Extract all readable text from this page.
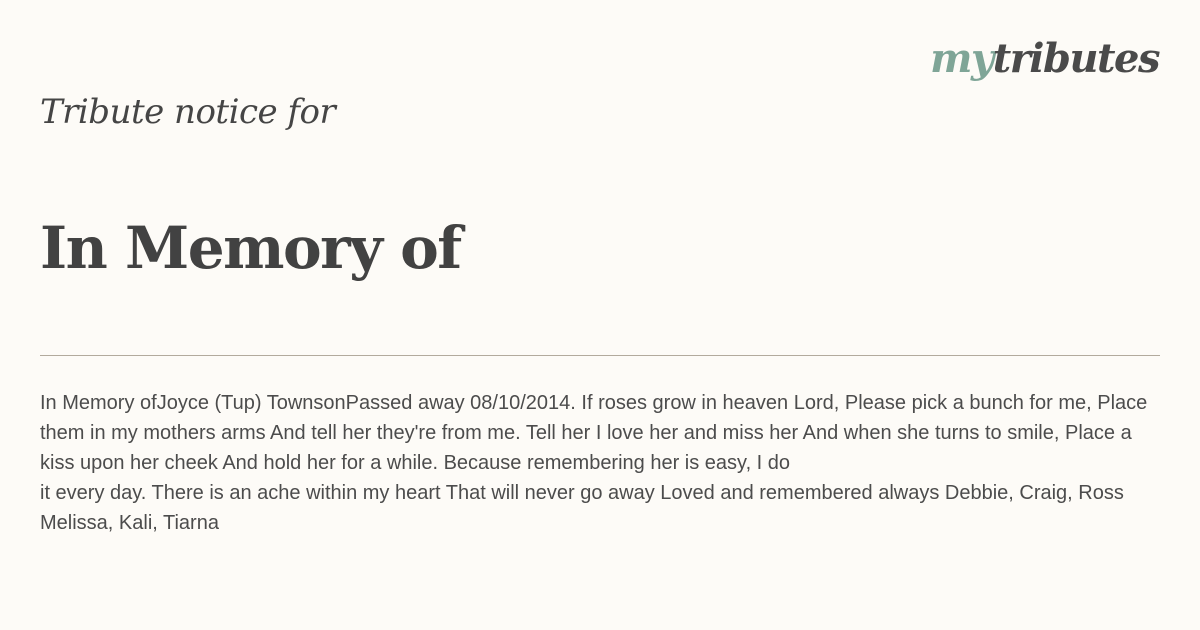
mytributes
Tribute notice for
In Memory of

In Memory ofJoyce (Tup) TownsonPassed away 08/10/2014. If roses grow in heaven Lord, Please pick a bunch for me, Place them in my mothers arms And tell her they're from me. Tell her I love her and miss her And when she turns to smile, Place a kiss upon her cheek And hold her for a while. Because remembering her is easy, I do
it every day. There is an ache within my heart That will never go away Loved and remembered always Debbie, Craig, Ross Melissa, Kali, Tiarna
